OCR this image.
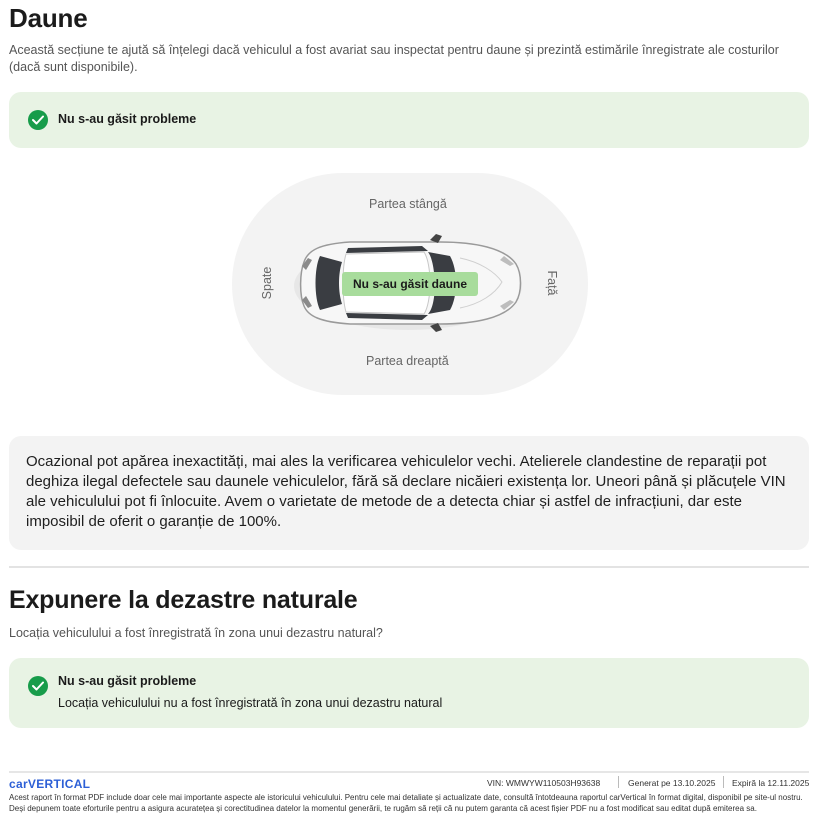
Daune
Această secțiune te ajută să înțelegi dacă vehiculul a fost avariat sau inspectat pentru daune și prezintă estimările înregistrate ale costurilor (dacă sunt disponibile).
Nu s-au găsit probleme
Partea stângă
Partea dreaptă
Spate	Față
Nu s-au găsit daune
Ocazional pot apărea inexactități, mai ales la verificarea vehiculelor vechi. Atelierele clandestine de reparații pot deghiza ilegal defectele sau daunele vehiculelor, fără să declare nicăieri existența lor. Uneori până și plăcuțele VIN ale vehiculului pot fi înlocuite. Avem o varietate de metode de a detecta chiar și astfel de infracțiuni, dar este imposibil de oferit o garanție de 100%.
Expunere la dezastre naturale
Locația vehiculului a fost înregistrată în zona unui dezastru natural?
Nu s-au găsit probleme
Locația vehiculului nu a fost înregistrată în zona unui dezastru natural
carVERTICAL	VIN: WMWYW110503H93638	Generat pe 13.10.2025 Expiră la 12.11.2025
Acest raport în format PDF include doar cele mai importante aspecte ale istoricului vehiculului. Pentru cele mai detaliate și actualizate date, consultă întotdeauna raportul carVertical în format digital, disponibil pe site-ul nostru. Deși depunem toate eforturile pentru a asigura acuratețea și corectitudinea datelor la momentul generării, te rugăm să reții că nu putem garanta că acest fișier PDF nu a fost modificat sau editat după emiterea sa.
